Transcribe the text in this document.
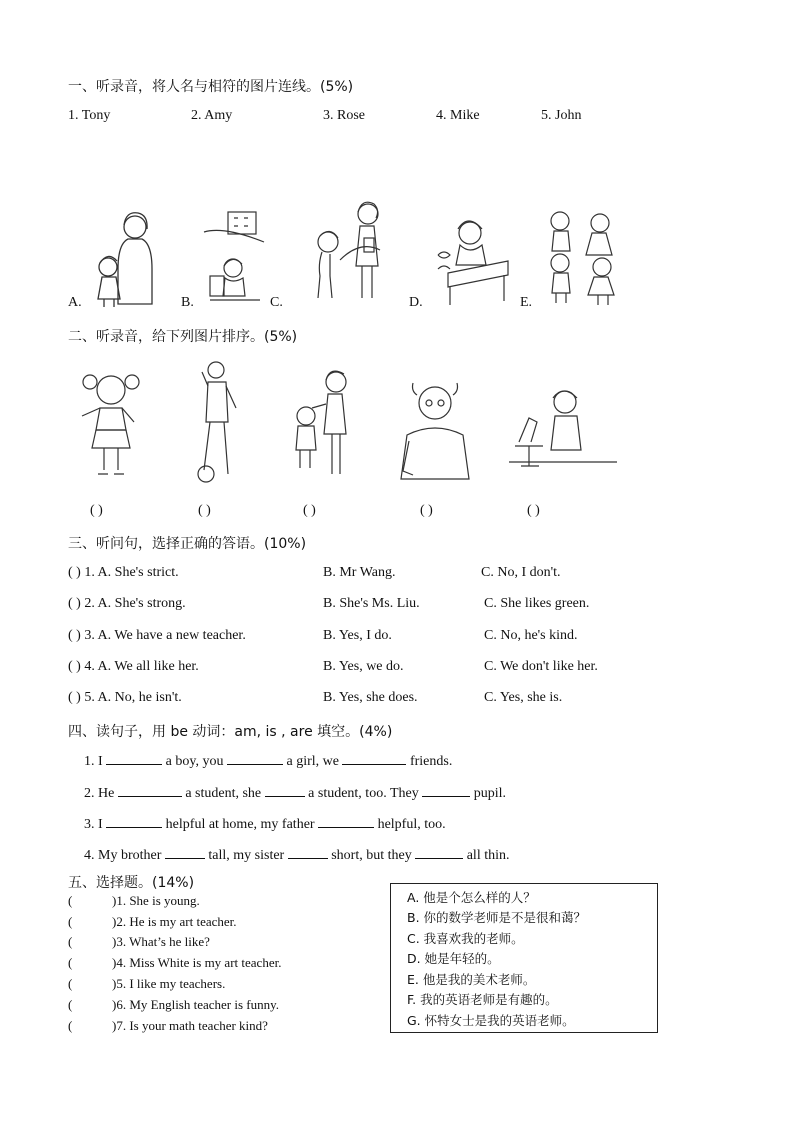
一、听录音，将人名与相符的图片连线。(5%)
1. Tony	2. Amy	3. Rose	4. Mike	5. John
A.	B.	C.	D.	E.
二、听录音，给下列图片排序。(5%)
( )	( )	( )	( )	( )
三、听问句，选择正确的答语。(10%)
( ) 1. A. She's strict.	B. Mr Wang.	C. No, I don't.
( ) 2. A. She's strong.	B. She's Ms. Liu.	C. She likes green.
( ) 3. A. We have a new teacher.	B. Yes, I do.	C. No, he's kind.
( ) 4. A. We all like her.	B. Yes, we do.	C. We don't like her.
( ) 5. A. No, he isn't.	B. Yes, she does.	C. Yes, she is.
四、读句子，用 be 动词：am, is , are 填空。(4%)
1. I	a boy, you	a girl, we	friends.
2. He	a student, she	a student, too. They	pupil.
3. I	helpful at home, my father	helpful, too.
4. My brother	tall, my sister	short, but they	all thin.
五、选择题。(14%)
(	)1. She is young.
(	)2. He is my art teacher.
(	)3. What’s he like?
(	)4. Miss White is my art teacher.
(	)5. I like my teachers.
(	)6. My English teacher is funny.
(	)7. Is your math teacher kind?
A. 他是个怎么样的人？
B. 你的数学老师是不是很和蔼？
C. 我喜欢我的老师。
D. 她是年轻的。
E. 他是我的美术老师。
F. 我的英语老师是有趣的。
G. 怀特女士是我的英语老师。
